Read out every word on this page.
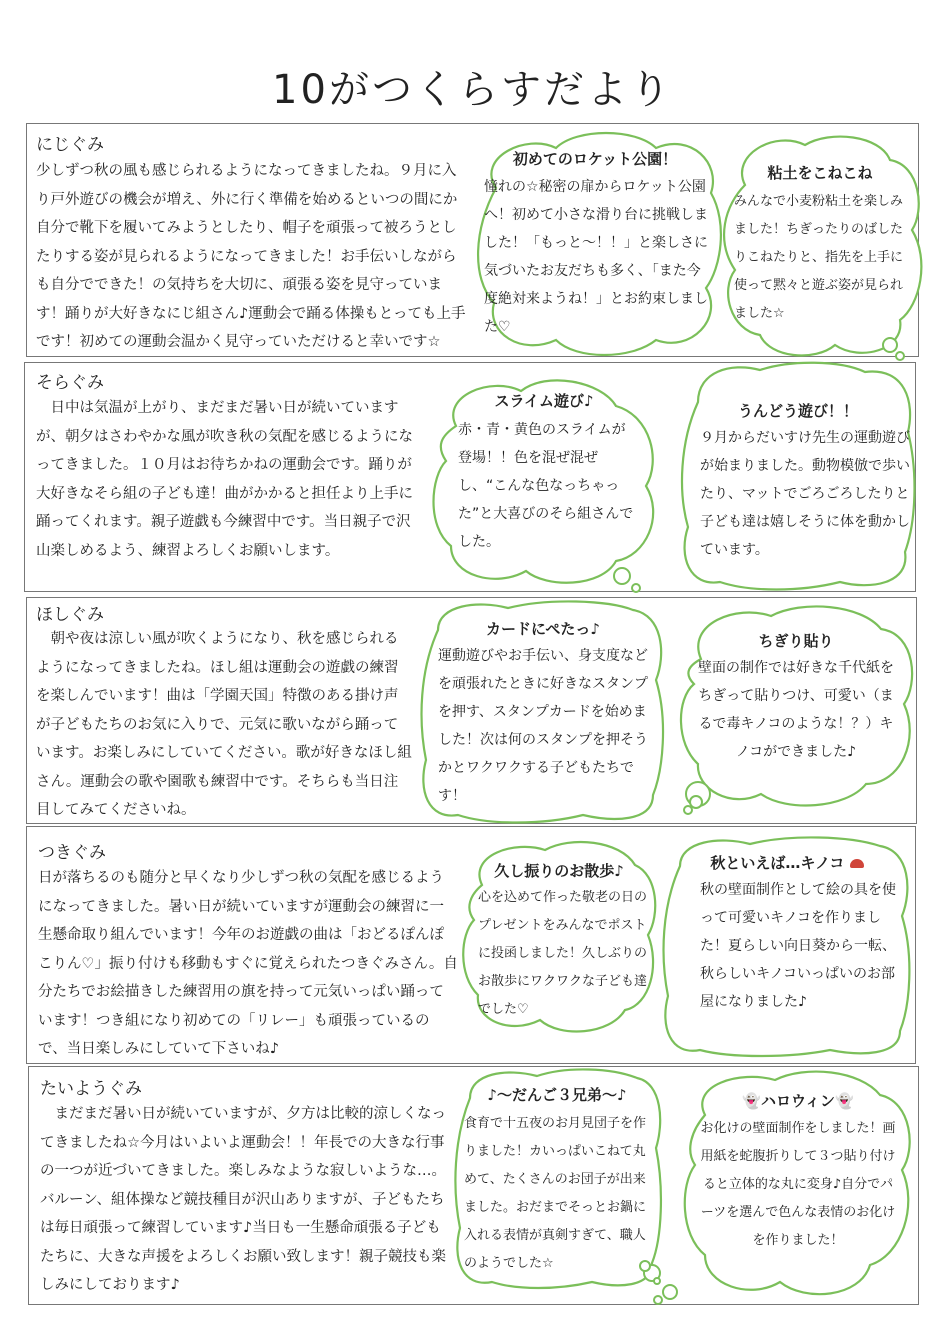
10がつくらすだより
にじぐみ
少しずつ秋の風も感じられるようになってきましたね。９月に入り戸外遊びの機会が増え、外に行く準備を始めるといつの間にか自分で靴下を履いてみようとしたり、帽子を頑張って被ろうとしたりする姿が見られるようになってきました！お手伝いしながらも自分でできた！の気持ちを大切に、頑張る姿を見守っています！踊りが大好きなにじ組さん♪運動会で踊る体操もとっても上手です！初めての運動会温かく見守っていただけると幸いです☆
初めてのロケット公園！
憧れの☆秘密の扉からロケット公園へ！初めて小さな滑り台に挑戦しました！「もっと～！！」と楽しさに気づいたお友だちも多く、「また今度絶対来ようね！」とお約束しました♡
粘土をこねこね
みんなで小麦粉粘土を楽しみました！ちぎったりのばしたりこねたりと、指先を上手に使って黙々と遊ぶ姿が見られました☆
そらぐみ
日中は気温が上がり、まだまだ暑い日が続いていますが、朝夕はさわやかな風が吹き秋の気配を感じるようになってきました。１０月はお待ちかねの運動会です。踊りが大好きなそら組の子ども達！曲がかかると担任より上手に踊ってくれます。親子遊戯も今練習中です。当日親子で沢山楽しめるよう、練習よろしくお願いします。
スライム遊び♪
赤・青・黄色のスライムが登場！！色を混ぜ混ぜし、“こんな色なっちゃった”と大喜びのそら組さんでした。
うんどう遊び！！
９月からだいすけ先生の運動遊びが始まりました。動物模倣で歩いたり、マットでごろごろしたりと子ども達は嬉しそうに体を動かしています。
ほしぐみ
朝や夜は涼しい風が吹くようになり、秋を感じられるようになってきましたね。ほし組は運動会の遊戯の練習を楽しんでいます！曲は「学園天国」特徴のある掛け声が子どもたちのお気に入りで、元気に歌いながら踊っています。お楽しみにしていてください。歌が好きなほし組さん。運動会の歌や園歌も練習中です。そちらも当日注目してみてくださいね。
カードにぺたっ♪
運動遊びやお手伝い、身支度などを頑張れたときに好きなスタンプを押す、スタンプカードを始めました！次は何のスタンプを押そうかとワクワクする子どもたちです！
ちぎり貼り
壁面の制作では好きな千代紙をちぎって貼りつけ、可愛い（まるで毒キノコのような！？）キノコができました♪
つきぐみ
日が落ちるのも随分と早くなり少しずつ秋の気配を感じるようになってきました。暑い日が続いていますが運動会の練習に一生懸命取り組んでいます！今年のお遊戯の曲は「おどるぽんぽこりん♡」振り付けも移動もすぐに覚えられたつきぐみさん。自分たちでお絵描きした練習用の旗を持って元気いっぱい踊っています！つき組になり初めての「リレー」も頑張っているので、当日楽しみにしていて下さいね♪
久し振りのお散歩♪
心を込めて作った敬老の日のプレゼントをみんなでポストに投函しました！久しぶりのお散歩にワクワクな子ども達でした♡
秋といえば…キノコ
秋の壁面制作として絵の具を使って可愛いキノコを作りました！夏らしい向日葵から一転、秋らしいキノコいっぱいのお部屋になりました♪
たいようぐみ
まだまだ暑い日が続いていますが、夕方は比較的涼しくなってきましたね☆今月はいよいよ運動会！！年長での大きな行事の一つが近づいてきました。楽しみなような寂しいような…。バルーン、組体操など競技種目が沢山ありますが、子どもたちは毎日頑張って練習しています♪当日も一生懸命頑張る子どもたちに、大きな声援をよろしくお願い致します！親子競技も楽しみにしております♪
♪～だんご３兄弟～♪
食育で十五夜のお月見団子を作りました！カいっぱいこねて丸めて、たくさんのお団子が出来ました。おだまでそっとお鍋に入れる表情が真剣すぎて、職人のようでした☆
👻ハロウィン👻
お化けの壁面制作をしました！画用紙を蛇腹折りして３つ貼り付けると立体的な丸に変身♪自分でパーツを選んで色んな表情のお化けを作りました！
